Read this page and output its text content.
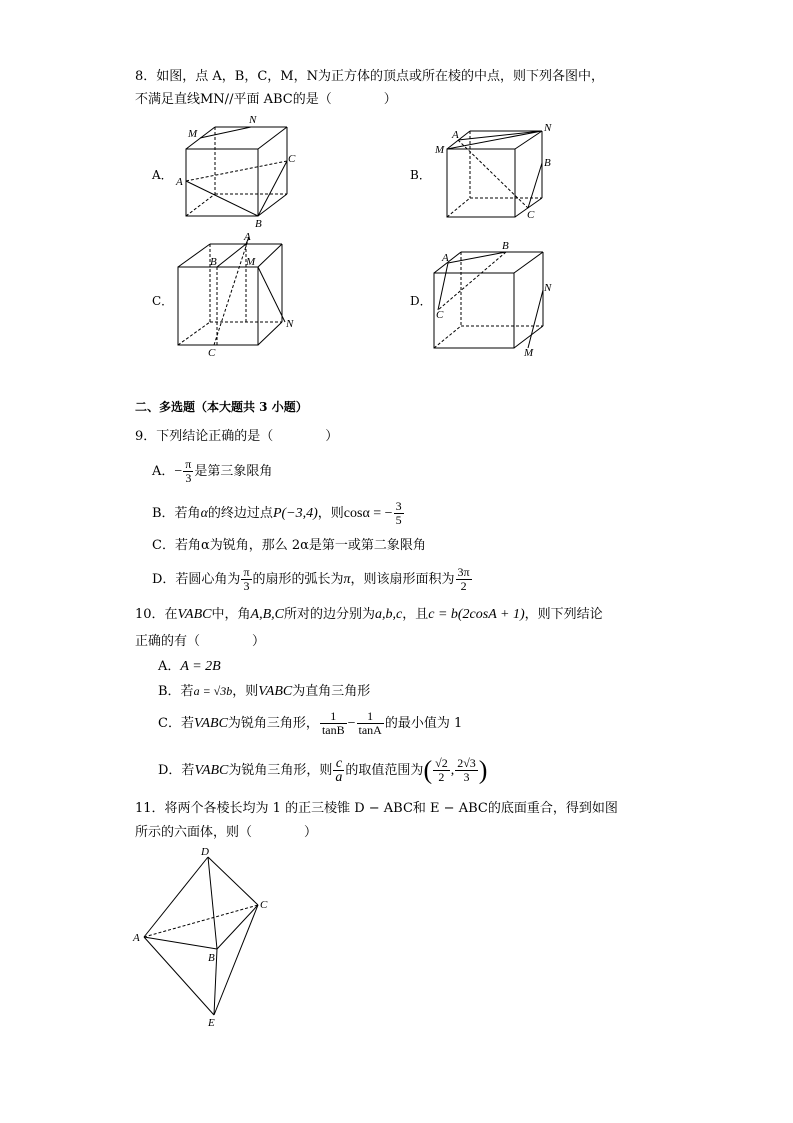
8．如图，点 A，B，C，M，N为正方体的顶点或所在棱的中点，则下列各图中，
不满足直线MN//平面 ABC的是（　　　　）
A．
M
N
C
A
B
B．
A
M
N
B
C
C．
A
B	M
N
C
D．
A
B
N
C
M
二、多选题（本大题共 3 小题）
9．下列结论正确的是（　　　　）
A．− $\frac{\pi}{3}$ 是第三象限角
B．若角α的终边过点P(−3,4)，则cosα = − $\frac{3}{5}$
C．若角α为锐角，那么 2α是第一或第二象限角
D．若圆心角为 $\frac{\pi}{3}$ 的扇形的弧长为π，则该扇形面积为 $\frac{3\pi}{2}$
10．在VABC中，角A,B,C所对的边分别为a,b,c，且c = b(2cosA + 1)，则下列结论
正确的有（　　　　）
A．A = 2B
B．若a = √3b，则VABC为直角三角形
C．若VABC为锐角三角形， $\frac{1}{\tan B} - \frac{1}{\tan A}$ 的最小值为 1
D．若VABC为锐角三角形，则 $\frac{c}{a}$ 的取值范围为( $\frac{√2}{2}$ , $\frac{2√3}{3}$ )
11．将两个各棱长均为 1 的正三棱锥 D − ABC和 E − ABC的底面重合，得到如图
所示的六面体，则（　　　　）
D
C
A
B
E
